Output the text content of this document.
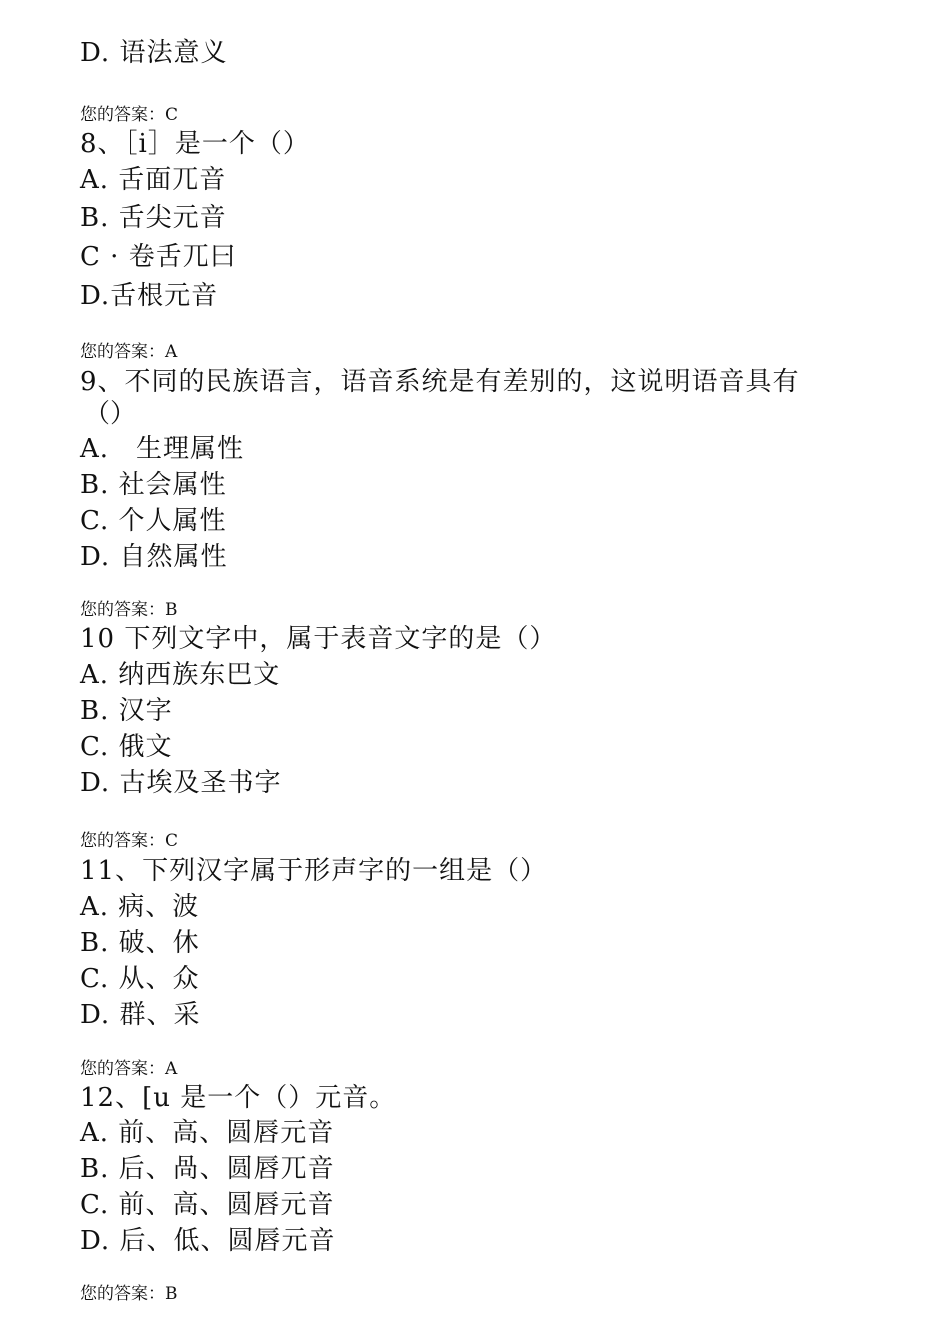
D. 语法意义
您的答案：C
8、［i］是一个（）
A. 舌面兀音
B. 舌尖元音
C · 卷舌兀曰
D.舌根元音
您的答案：A
9、不同的民族语言，语音系统是有差别的，这说明语音具有
（）
A.　生理属性
B. 社会属性
C. 个人属性
D. 自然属性
您的答案：B
10 下列文字中，属于表音文字的是（）
A. 纳西族东巴文
B. 汉字
C. 俄文
D. 古埃及圣书字
您的答案：C
11、下列汉字属于形声字的一组是（）
A. 病、波
B. 破、休
C. 从、众
D. 群、采
您的答案：A
12、[u 是一个（）元音。
A. 前、高、圆唇元音
B. 后、咼、圆唇兀音
C. 前、高、圆唇元音
D. 后、低、圆唇元音
您的答案：B
